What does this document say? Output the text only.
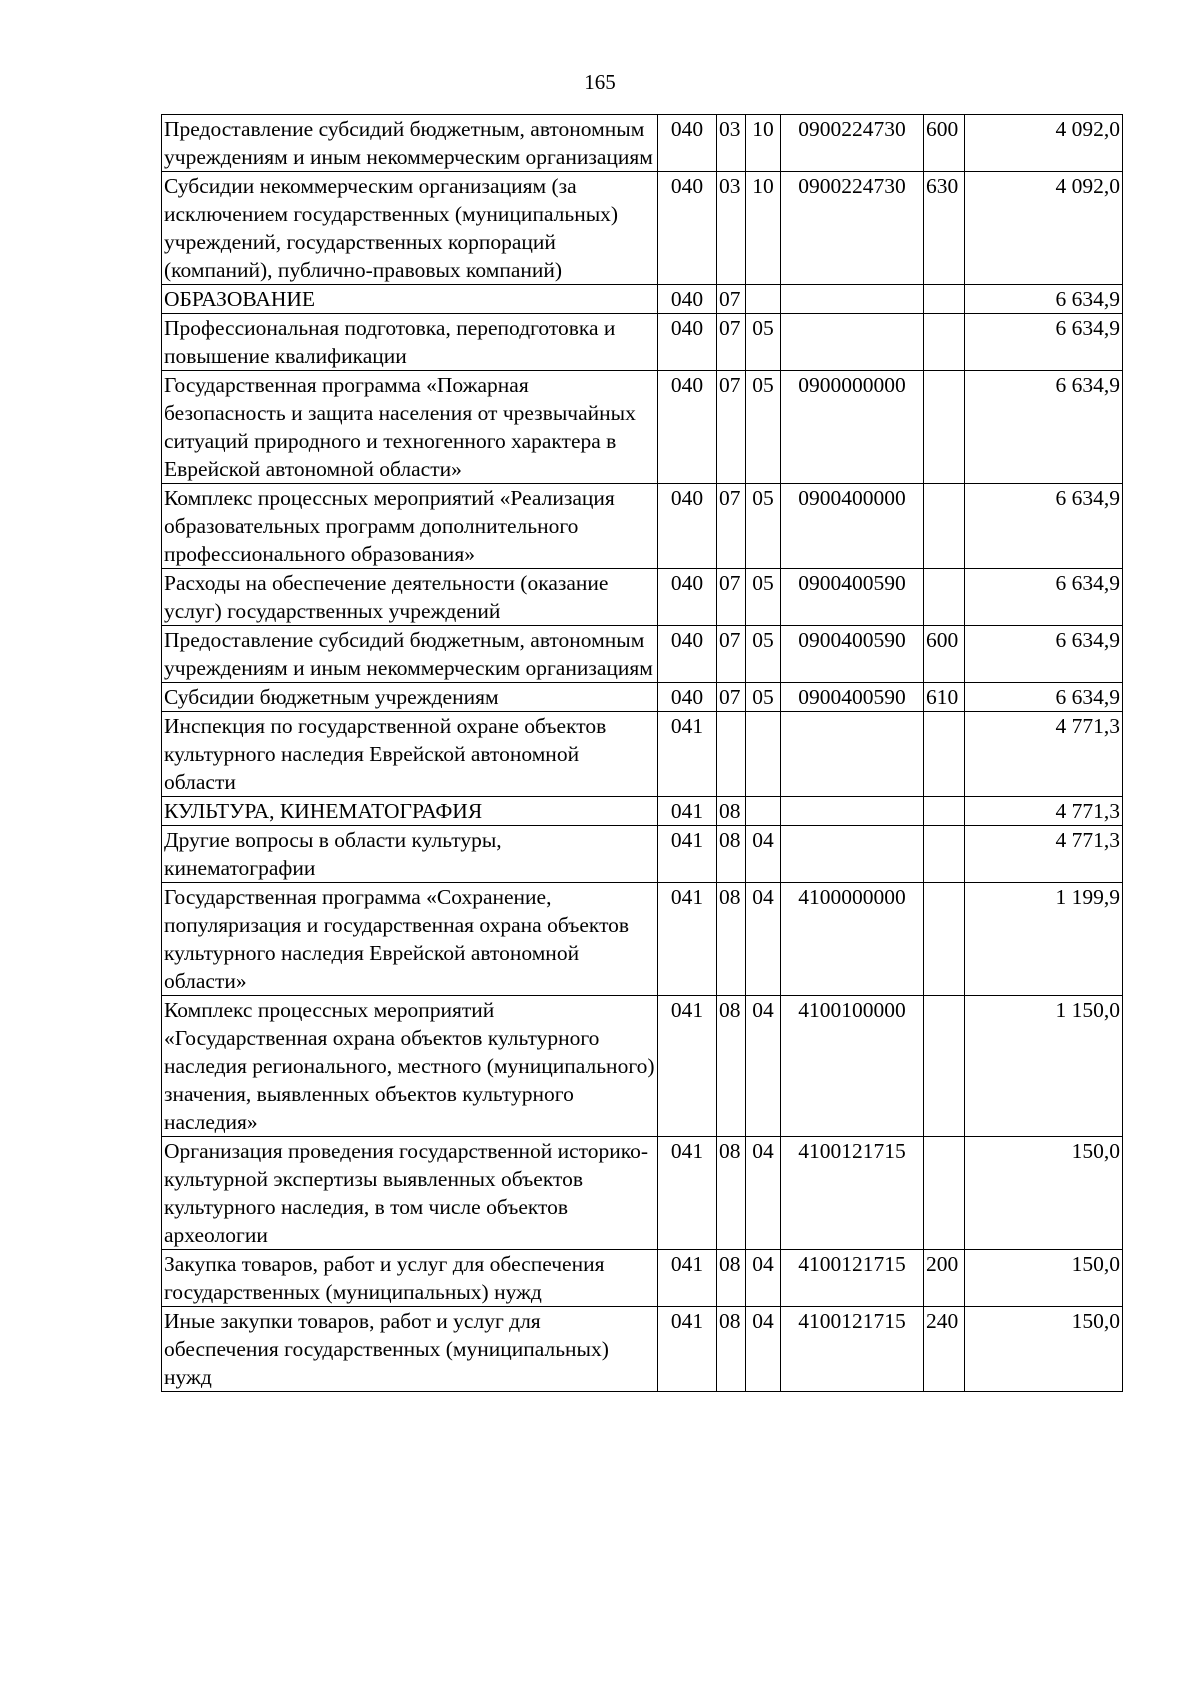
165
Предоставление субсидий бюджетным, автономным учреждениям и иным некоммерческим организациям	040	03	10	0900224730	600	4 092,0
Субсидии некоммерческим организациям (за исключением государственных (муниципальных) учреждений, государственных корпораций (компаний), публично-правовых компаний)	040	03	10	0900224730	630	4 092,0
ОБРАЗОВАНИЕ	040	07				6 634,9
Профессиональная подготовка, переподготовка и повышение квалификации	040	07	05			6 634,9
Государственная программа «Пожарная безопасность и защита населения от чрезвычайных ситуаций природного и техногенного характера в Еврейской автономной области»	040	07	05	0900000000		6 634,9
Комплекс процессных мероприятий «Реализация образовательных программ дополнительного профессионального образования»	040	07	05	0900400000		6 634,9
Расходы на обеспечение деятельности (оказание услуг) государственных учреждений	040	07	05	0900400590		6 634,9
Предоставление субсидий бюджетным, автономным учреждениям и иным некоммерческим организациям	040	07	05	0900400590	600	6 634,9
Субсидии бюджетным учреждениям	040	07	05	0900400590	610	6 634,9
Инспекция по государственной охране объектов культурного наследия Еврейской автономной области	041					4 771,3
КУЛЬТУРА, КИНЕМАТОГРАФИЯ	041	08				4 771,3
Другие вопросы в области культуры, кинематографии	041	08	04			4 771,3
Государственная программа «Сохранение, популяризация и государственная охрана объектов культурного наследия Еврейской автономной области»	041	08	04	4100000000		1 199,9
Комплекс процессных мероприятий «Государственная охрана объектов культурного наследия регионального, местного (муниципального) значения, выявленных объектов культурного наследия»	041	08	04	4100100000		1 150,0
Организация проведения государственной историко-культурной экспертизы выявленных объектов культурного наследия, в том числе объектов археологии	041	08	04	4100121715		150,0
Закупка товаров, работ и услуг для обеспечения государственных (муниципальных) нужд	041	08	04	4100121715	200	150,0
Иные закупки товаров, работ и услуг для обеспечения государственных (муниципальных) нужд	041	08	04	4100121715	240	150,0
